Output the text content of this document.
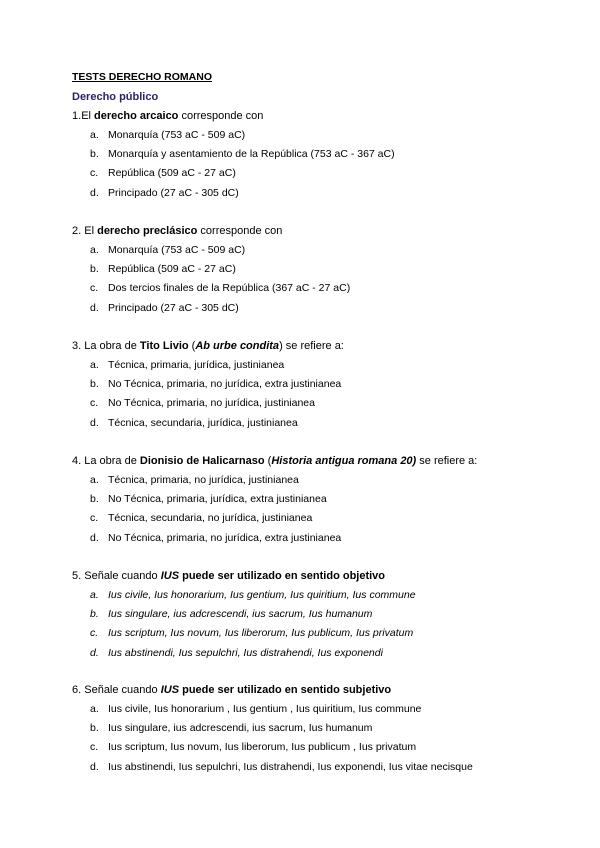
TESTS DERECHO ROMANO
Derecho público
1.El derecho arcaico corresponde con
a. Monarquía (753 aC - 509 aC)
b. Monarquía y asentamiento de la República (753 aC - 367 aC)
c. República (509 aC - 27 aC)
d. Principado (27 aC - 305 dC)
2. El derecho preclásico corresponde con
a. Monarquía (753 aC - 509 aC)
b. República (509 aC - 27 aC)
c. Dos tercios finales de la República (367 aC - 27 aC)
d. Principado (27 aC - 305 dC)
3. La obra de Tito Livio (Ab urbe condita) se refiere a:
a. Técnica, primaria, jurídica, justinianea
b. No Técnica, primaria, no jurídica, extra justinianea
c. No Técnica, primaria, no jurídica, justinianea
d. Técnica, secundaria, jurídica, justinianea
4. La obra de Dionisio de Halicarnaso (Historia antigua romana 20) se refiere a:
a. Técnica, primaria, no jurídica, justinianea
b. No Técnica, primaria, jurídica, extra justinianea
c. Técnica, secundaria, no jurídica, justinianea
d. No Técnica, primaria, no jurídica, extra justinianea
5. Señale cuando IUS puede ser utilizado en sentido objetivo
a. Ius civile, Ius honorarium, Ius gentium, Ius quiritium, Ius commune
b. Ius singulare, ius adcrescendi, ius sacrum, Ius humanum
c. Ius scriptum, Ius novum, Ius liberorum, Ius publicum, Ius privatum
d. Ius abstinendi, Ius sepulchri, Ius distrahendi, Ius exponendi
6. Señale cuando IUS puede ser utilizado en sentido subjetivo
a. Ius civile, Ius honorarium , Ius gentium , Ius quiritium, Ius commune
b. Ius singulare, ius adcrescendi, ius sacrum, Ius humanum
c. Ius scriptum, Ius novum, Ius liberorum, Ius publicum , Ius privatum
d. Ius abstinendi, Ius sepulchri, Ius distrahendi, Ius exponendi, Ius vitae necisque
